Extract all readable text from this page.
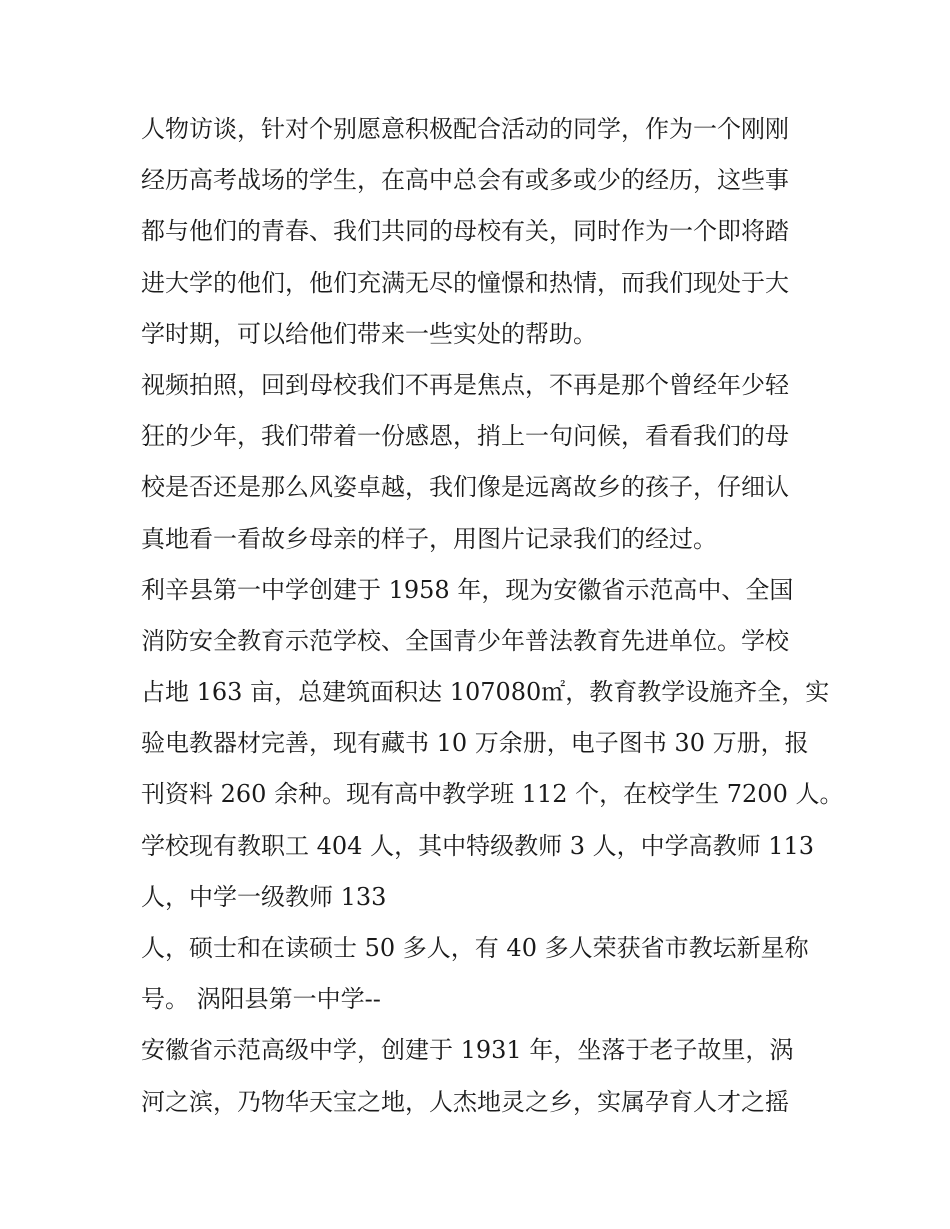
人物访谈，针对个别愿意积极配合活动的同学，作为一个刚刚
经历高考战场的学生，在高中总会有或多或少的经历，这些事
都与他们的青春、我们共同的母校有关，同时作为一个即将踏
进大学的他们，他们充满无尽的憧憬和热情，而我们现处于大
学时期，可以给他们带来一些实处的帮助。
视频拍照，回到母校我们不再是焦点，不再是那个曾经年少轻
狂的少年，我们带着一份感恩，捎上一句问候，看看我们的母
校是否还是那么风姿卓越，我们像是远离故乡的孩子，仔细认
真地看一看故乡母亲的样子，用图片记录我们的经过。
利辛县第一中学创建于 1958 年，现为安徽省示范高中、全国
消防安全教育示范学校、全国青少年普法教育先进单位。学校
占地 163 亩，总建筑面积达 107080㎡，教育教学设施齐全，实
验电教器材完善，现有藏书 10 万余册，电子图书 30 万册，报
刊资料 260 余种。现有高中教学班 112 个，在校学生 7200 人。
学校现有教职工 404 人，其中特级教师 3 人，中学高教师 113
人，中学一级教师 133
人，硕士和在读硕士 50 多人，有 40 多人荣获省市教坛新星称
号。 涡阳县第一中学--
安徽省示范高级中学，创建于 1931 年，坐落于老子故里，涡
河之滨，乃物华天宝之地，人杰地灵之乡，实属孕育人才之摇
